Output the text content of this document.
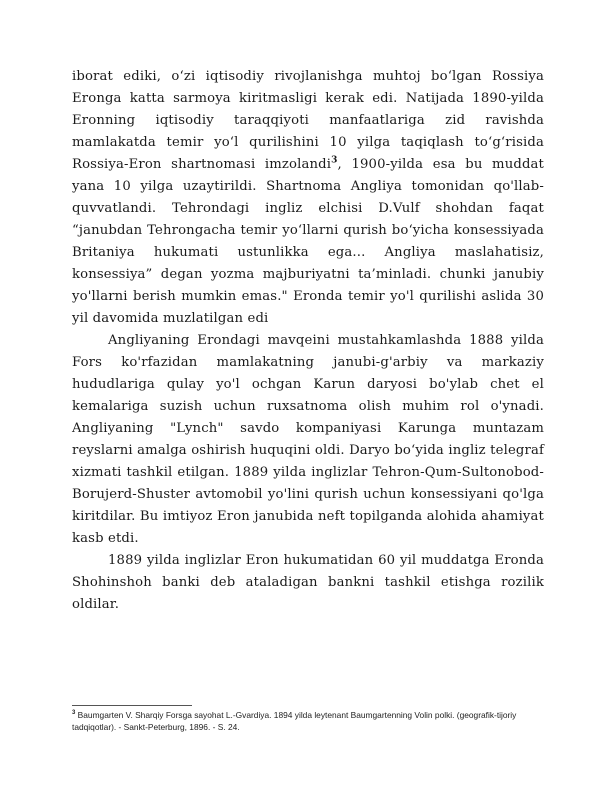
iborat ediki, o‘zi iqtisodiy rivojlanishga muhtoj bo‘lgan Rossiya Eronga katta sarmoya kiritmasligi kerak edi. Natijada 1890-yilda Eronning iqtisodiy taraqqiyoti manfaatlariga zid ravishda mamlakatda temir yo‘l qurilishini 10 yilga taqiqlash to‘g‘risida Rossiya-Eron shartnomasi imzolandi$^3$, 1900-yilda esa bu muddat yana 10 yilga uzaytirildi. Shartnoma Angliya tomonidan qo'llab-quvvatlandi. Tehrondagi ingliz elchisi D.Vulf shohdan faqat “janubdan Tehrongacha temir yo‘llarni qurish bo‘yicha konsessiyada Britaniya hukumati ustunlikka ega... Angliya maslahatisiz, konsessiya” degan yozma majburiyatni ta’minladi. chunki janubiy yo'llarni berish mumkin emas." Eronda temir yo'l qurilishi aslida 30 yil davomida muzlatilgan edi

Angliyaning Erondagi mavqeini mustahkamlashda 1888 yilda Fors ko'rfazidan mamlakatning janubi-g'arbiy va markaziy hududlariga qulay yo'l ochgan Karun daryosi bo'ylab chet el kemalariga suzish uchun ruxsatnoma olish muhim rol o'ynadi. Angliyaning "Lynch" savdo kompaniyasi Karunga muntazam reyslarni amalga oshirish huquqini oldi. Daryo bo‘yida ingliz telegraf xizmati tashkil etilgan. 1889 yilda inglizlar Tehron-Qum-Sultonobod-Borujerd-Shuster avtomobil yo'lini qurish uchun konsessiyani qo'lga kiritdilar. Bu imtiyoz Eron janubida neft topilganda alohida ahamiyat kasb etdi.

1889 yilda inglizlar Eron hukumatidan 60 yil muddatga Eronda Shohinshoh banki deb ataladigan bankni tashkil etishga rozilik oldilar.

$^3$ Baumgarten V. Sharqiy Forsga sayohat L.-Gvardiya. 1894 yilda leytenant Baumgartenning Volin polki. (geografik-tijoriy tadqiqotlar). - Sankt-Peterburg, 1896. - S. 24.
